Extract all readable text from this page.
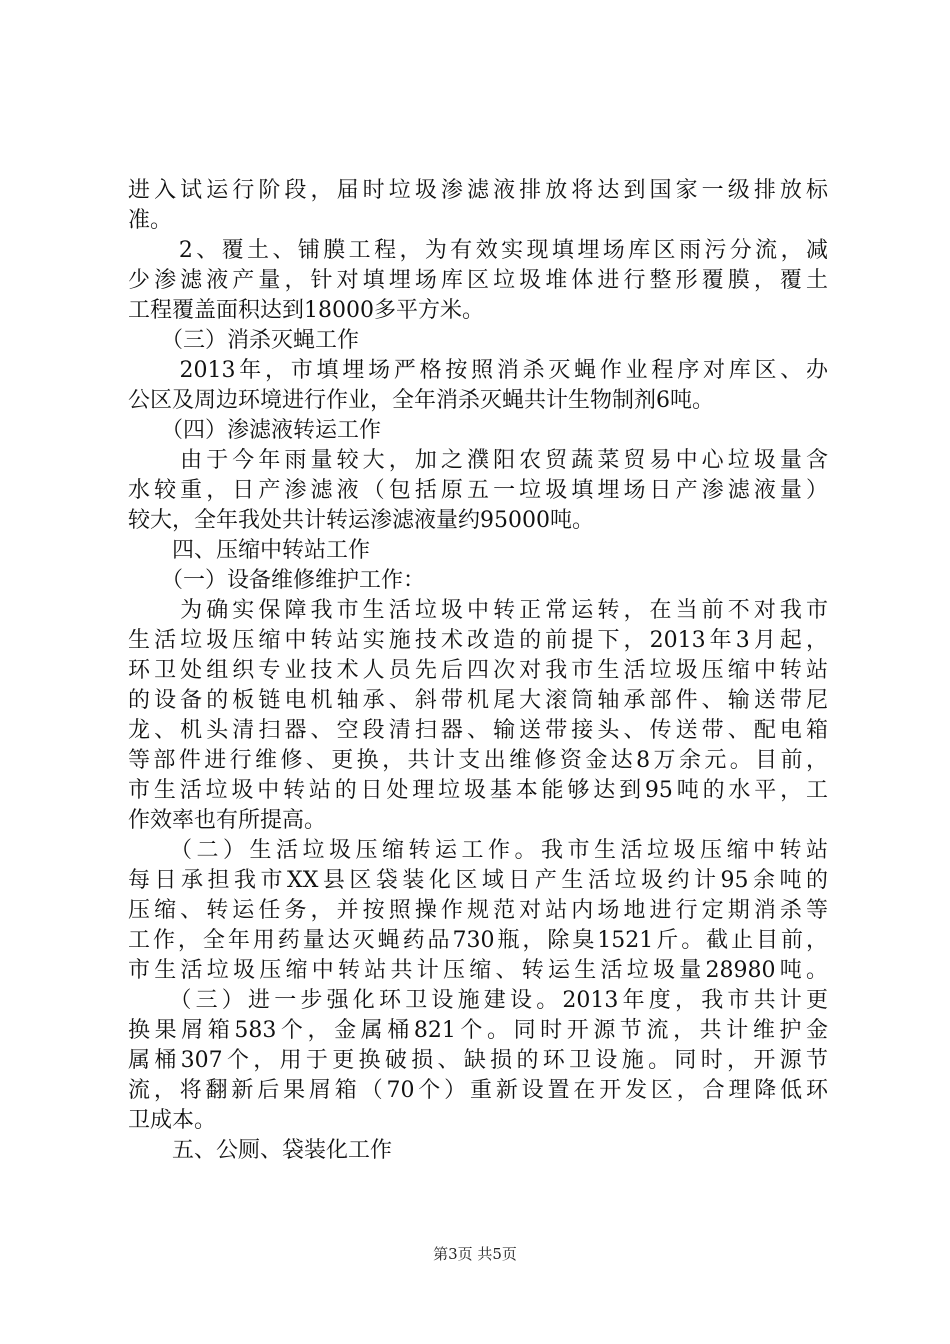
进入试运行阶段，届时垃圾渗滤液排放将达到国家一级排放标
准。
　　2、覆土、铺膜工程，为有效实现填埋场库区雨污分流，减
少渗滤液产量，针对填埋场库区垃圾堆体进行整形覆膜，覆土
工程覆盖面积达到18000多平方米。
　　（三）消杀灭蝇工作
　　2013年，市填埋场严格按照消杀灭蝇作业程序对库区、办
公区及周边环境进行作业，全年消杀灭蝇共计生物制剂6吨。
　　（四）渗滤液转运工作
　　由于今年雨量较大，加之濮阳农贸蔬菜贸易中心垃圾量含
水较重，日产渗滤液（包括原五一垃圾填埋场日产渗滤液量）
较大，全年我处共计转运渗滤液量约95000吨。
　　四、压缩中转站工作
　　（一）设备维修维护工作：
　　为确实保障我市生活垃圾中转正常运转，在当前不对我市
生活垃圾压缩中转站实施技术改造的前提下，2013年3月起，
环卫处组织专业技术人员先后四次对我市生活垃圾压缩中转站
的设备的板链电机轴承、斜带机尾大滚筒轴承部件、输送带尼
龙、机头清扫器、空段清扫器、输送带接头、传送带、配电箱
等部件进行维修、更换，共计支出维修资金达8万余元。目前，
市生活垃圾中转站的日处理垃圾基本能够达到95吨的水平，工
作效率也有所提高。
　　（二）生活垃圾压缩转运工作。我市生活垃圾压缩中转站
每日承担我市XX县区袋装化区域日产生活垃圾约计95余吨的
压缩、转运任务，并按照操作规范对站内场地进行定期消杀等
工作，全年用药量达灭蝇药品730瓶，除臭1521斤。截止目前，
市生活垃圾压缩中转站共计压缩、转运生活垃圾量28980吨。
　　（三）进一步强化环卫设施建设。2013年度，我市共计更
换果屑箱583个，金属桶821个。同时开源节流，共计维护金
属桶307个，用于更换破损、缺损的环卫设施。同时，开源节
流，将翻新后果屑箱（70个）重新设置在开发区，合理降低环
卫成本。
　　五、公厕、袋装化工作
第3页 共5页
